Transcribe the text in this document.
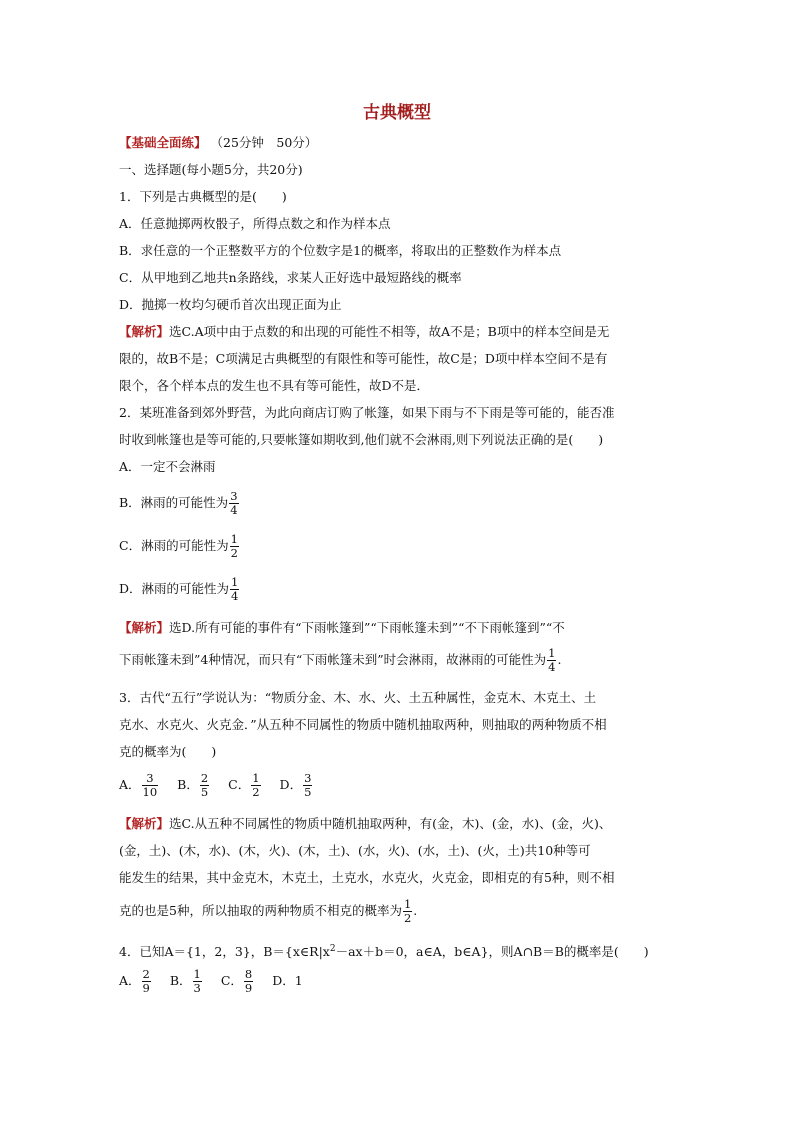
古典概型
【基础全面练】 （25分钟　50分）
一、选择题(每小题5分，共20分)
1．下列是古典概型的是(　　)
A．任意抛掷两枚骰子，所得点数之和作为样本点
B．求任意的一个正整数平方的个位数字是1的概率，将取出的正整数作为样本点
C．从甲地到乙地共n条路线，求某人正好选中最短路线的概率
D．抛掷一枚均匀硬币首次出现正面为止
【解析】选C.A项中由于点数的和出现的可能性不相等，故A不是；B项中的样本空间是无
限的，故B不是；C项满足古典概型的有限性和等可能性，故C是；D项中样本空间不是有
限个，各个样本点的发生也不具有等可能性，故D不是．
2．某班准备到郊外野营，为此向商店订购了帐篷，如果下雨与不下雨是等可能的，能否准
时收到帐篷也是等可能的,只要帐篷如期收到,他们就不会淋雨,则下列说法正确的是(　　)
A．一定不会淋雨
B．淋雨的可能性为 $\frac{3}{4}$
C．淋雨的可能性为 $\frac{1}{2}$
D．淋雨的可能性为 $\frac{1}{4}$
【解析】选D.所有可能的事件有“下雨帐篷到”“下雨帐篷未到”“不下雨帐篷到”“不
下雨帐篷未到”4种情况，而只有“下雨帐篷未到”时会淋雨，故淋雨的可能性为 $\frac{1}{4}$ .
3．古代“五行”学说认为：“物质分金、木、水、火、土五种属性，金克木、木克土、土
克水、水克火、火克金．”从五种不同属性的物质中随机抽取两种，则抽取的两种物质不相
克的概率为(　　)
A． $\frac{3}{10}$ B． $\frac{2}{5}$ C． $\frac{1}{2}$ D． $\frac{3}{5}$
【解析】选C.从五种不同属性的物质中随机抽取两种，有(金，木)、(金，水)、(金，火)、
(金，土)、(木，水)、(木，火)、(木，土)、(水，火)、(水，土)、(火，土)共10种等可
能发生的结果，其中金克木，木克土，土克水，水克火，火克金，即相克的有5种，则不相
克的也是5种，所以抽取的两种物质不相克的概率为 $\frac{1}{2}$ .
4．已知A＝{1，2，3}，$B=\{x\in R|x^2-ax+b=0$，a∈A，b∈A}，则A∩B＝B的概率是(　　)
A． $\frac{2}{9}$ B． $\frac{1}{3}$ C． $\frac{8}{9}$ D．1
